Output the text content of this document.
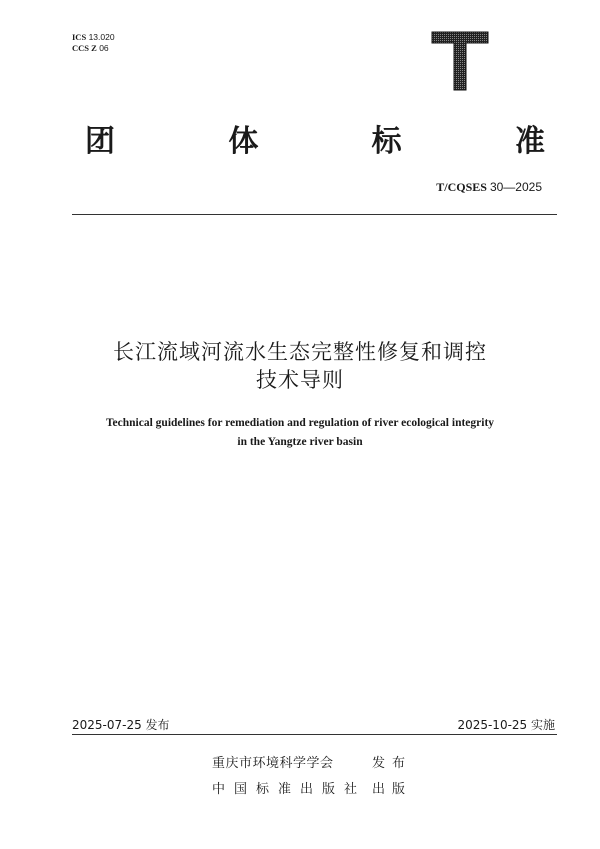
ICS 13.020
CCS Z 06
团	体	标	准
T/CQSES 30—2025
长江流域河流水生态完整性修复和调控
技术导则
Technical guidelines for remediation and regulation of river ecological integrity
in the Yangtze river basin
2025-07-25 发布	2025-10-25 实施
重庆市环境科学学会	发布
中国标准出版社 出版
